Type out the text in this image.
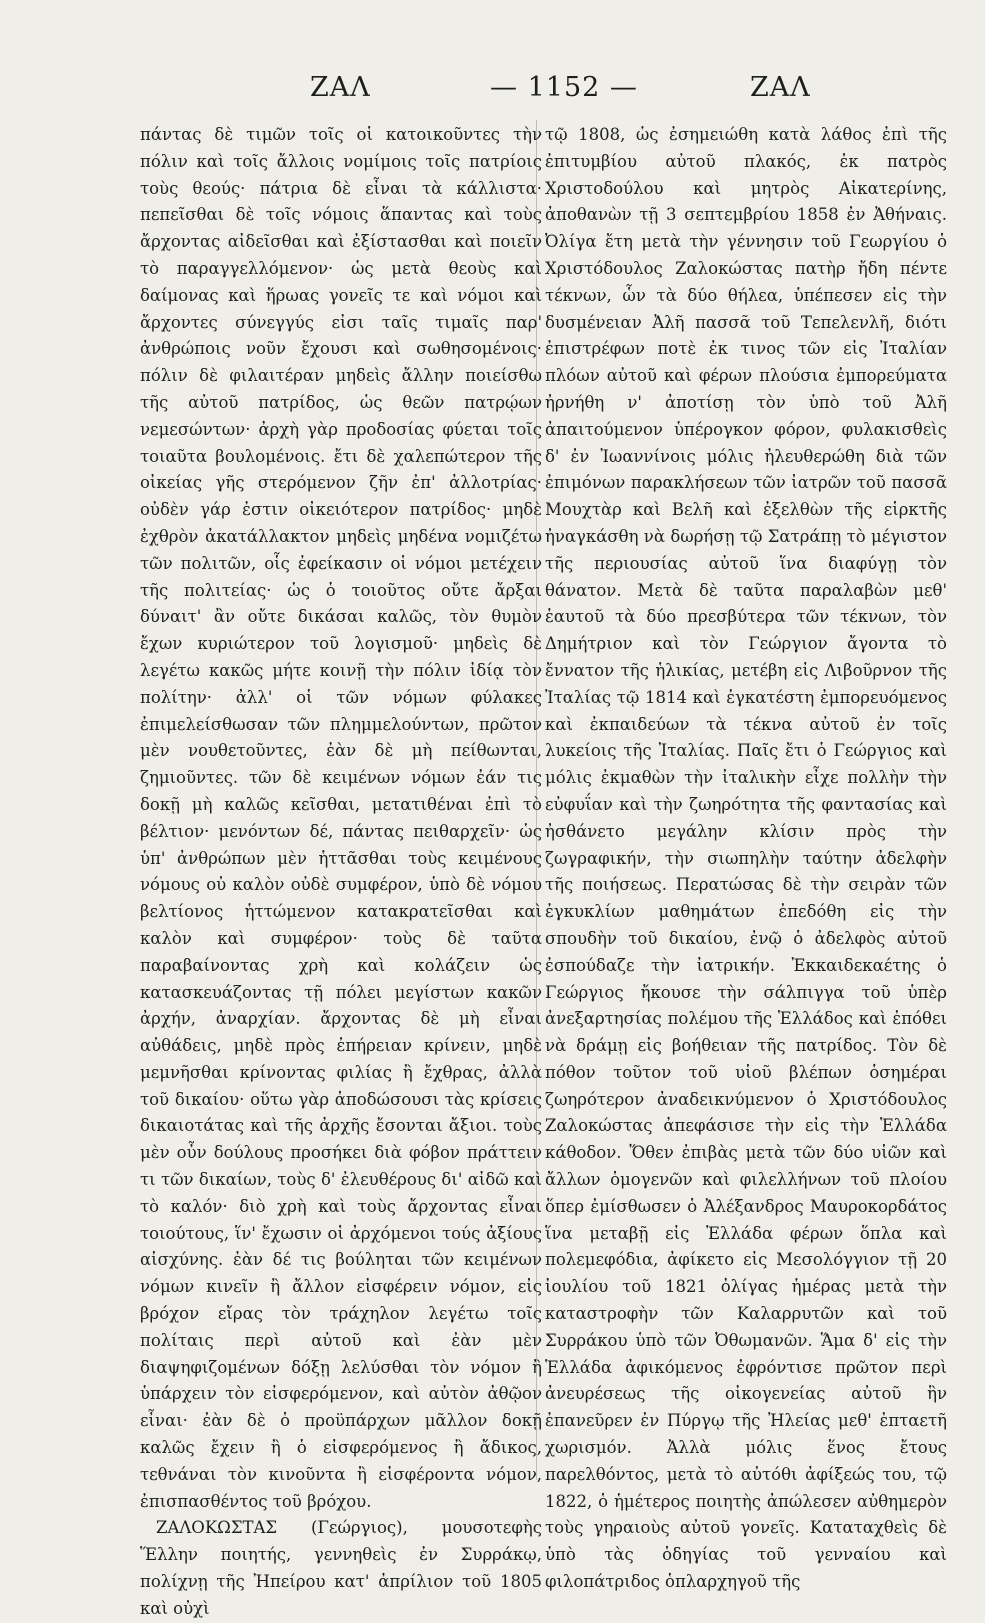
ΖΑΛ	— 1152 —	ΖΑΛ

πάντας δὲ τιμῶν τοῖς οἱ κατοικοῦντες τὴν πόλιν καὶ τοῖς ἄλλοις νομίμοις τοῖς πατρίοις τοὺς θεούς· πάτρια δὲ εἶναι τὰ κάλλιστα· πεπεῖσθαι δὲ τοῖς νόμοις ἅπαντας καὶ τοὺς ἄρχοντας αἰδεῖσθαι καὶ ἐξίστασθαι καὶ ποιεῖν τὸ παραγγελλόμενον· ὡς μετὰ θεοὺς καὶ δαίμονας καὶ ἥρωας γονεῖς τε καὶ νόμοι καὶ ἄρχοντες σύνεγγύς εἰσι ταῖς τιμαῖς παρ' ἀνθρώποις νοῦν ἔχουσι καὶ σωθησομένοις· πόλιν δὲ φιλαιτέραν μηδεὶς ἄλλην ποιείσθω τῆς αὐτοῦ πατρίδος, ὡς θεῶν πατρῴων νεμεσώντων· ἀρχὴ γὰρ προδοσίας φύεται τοῖς τοιαῦτα βουλομένοις. ἔτι δὲ χαλεπώτερον τῆς οἰκείας γῆς στερόμενον ζῆν ἐπ' ἀλλοτρίας· οὐδὲν γάρ ἐστιν οἰκειότερον πατρίδος· μηδὲ ἐχθρὸν ἀκατάλλακτον μηδεὶς μηδένα νομιζέτω τῶν πολιτῶν, οἷς ἐφείκασιν οἱ νόμοι μετέχειν τῆς πολιτείας· ὡς ὁ τοιοῦτος οὔτε ἄρξαι δύναιτ' ἂν οὔτε δικάσαι καλῶς, τὸν θυμὸν ἔχων κυριώτερον τοῦ λογισμοῦ· μηδεὶς δὲ λεγέτω κακῶς μήτε κοινῇ τὴν πόλιν ἰδίᾳ τὸν πολίτην· ἀλλ' οἱ τῶν νόμων φύλακες ἐπιμελείσθωσαν τῶν πλημμελούντων, πρῶτον μὲν νουθετοῦντες, ἐὰν δὲ μὴ πείθωνται, ζημιοῦντες. τῶν δὲ κειμένων νόμων ἐάν τις δοκῇ μὴ καλῶς κεῖσθαι, μετατιθέναι ἐπὶ τὸ βέλτιον· μενόντων δέ, πάντας πειθαρχεῖν· ὡς ὑπ' ἀνθρώπων μὲν ἡττᾶσθαι τοὺς κειμένους νόμους οὐ καλὸν οὐδὲ συμφέρον, ὑπὸ δὲ νόμου βελτίονος ἡττώμενον κατακρατεῖσθαι καὶ καλὸν καὶ συμφέρον· τοὺς δὲ ταῦτα παραβαίνοντας χρὴ καὶ κολάζειν ὡς κατασκευάζοντας τῇ πόλει μεγίστων κακῶν ἀρχήν, ἀναρχίαν. ἄρχοντας δὲ μὴ εἶναι αὐθάδεις, μηδὲ πρὸς ἐπήρειαν κρίνειν, μηδὲ μεμνῆσθαι κρίνοντας φιλίας ἢ ἔχθρας, ἀλλὰ τοῦ δικαίου· οὕτω γὰρ ἀποδώσουσι τὰς κρίσεις δικαιοτάτας καὶ τῆς ἀρχῆς ἔσονται ἄξιοι. τοὺς μὲν οὖν δούλους προσήκει διὰ φόβον πράττειν τι τῶν δικαίων, τοὺς δ' ἐλευθέρους δι' αἰδῶ καὶ τὸ καλόν· διὸ χρὴ καὶ τοὺς ἄρχοντας εἶναι τοιούτους, ἵν' ἔχωσιν οἱ ἀρχόμενοι τούς ἀξίους αἰσχύνης. ἐὰν δέ τις βούληται τῶν κειμένων νόμων κινεῖν ἢ ἄλλον εἰσφέρειν νόμον, εἰς βρόχον εἴρας τὸν τράχηλον λεγέτω τοῖς πολίταις περὶ αὐτοῦ καὶ ἐὰν μὲν διαψηφιζομένων δόξῃ λελύσθαι τὸν νόμον ἢ ὑπάρχειν τὸν εἰσφερόμενον, καὶ αὐτὸν ἀθῷον εἶναι· ἐὰν δὲ ὁ προϋπάρχων μᾶλλον δοκῇ καλῶς ἔχειν ἢ ὁ εἰσφερόμενος ἢ ἄδικος, τεθνάναι τὸν κινοῦντα ἢ εἰσφέροντα νόμον, ἐπισπασθέντος τοῦ βρόχου.

ΖΑΛΟΚΩΣΤΑΣ (Γεώργιος), μουσοτεφὴς Ἕλλην ποιητής, γεννηθεὶς ἐν Συρράκῳ, πολίχνῃ τῆς Ἠπείρου κατ' ἀπρίλιον τοῦ 1805 καὶ οὐχὶ

τῷ 1808, ὡς ἐσημειώθη κατὰ λάθος ἐπὶ τῆς ἐπιτυμβίου αὐτοῦ πλακός, ἐκ πατρὸς Χριστοδούλου καὶ μητρὸς Αἰκατερίνης, ἀποθανὼν τῇ 3 σεπτεμβρίου 1858 ἐν Ἀθήναις. Ὀλίγα ἔτη μετὰ τὴν γέννησιν τοῦ Γεωργίου ὁ Χριστόδουλος Ζαλοκώστας πατὴρ ἤδη πέντε τέκνων, ὧν τὰ δύο θήλεα, ὑπέπεσεν εἰς τὴν δυσμένειαν Ἀλῆ πασσᾶ τοῦ Τεπελενλῆ, διότι ἐπιστρέφων ποτὲ ἐκ τινος τῶν εἰς Ἰταλίαν πλόων αὐτοῦ καὶ φέρων πλούσια ἐμπορεύματα ἠρνήθη ν' ἀποτίσῃ τὸν ὑπὸ τοῦ Ἀλῆ ἀπαιτούμενον ὑπέρογκον φόρον, φυλακισθεὶς δ' ἐν Ἰωαννίνοις μόλις ἠλευθερώθη διὰ τῶν ἐπιμόνων παρακλήσεων τῶν ἰατρῶν τοῦ πασσᾶ Μουχτὰρ καὶ Βελῆ καὶ ἐξελθὼν τῆς εἱρκτῆς ἠναγκάσθη νὰ δωρήσῃ τῷ Σατράπῃ τὸ μέγιστον τῆς περιουσίας αὐτοῦ ἵνα διαφύγῃ τὸν θάνατον. Μετὰ δὲ ταῦτα παραλαβὼν μεθ' ἑαυτοῦ τὰ δύο πρεσβύτερα τῶν τέκνων, τὸν Δημήτριον καὶ τὸν Γεώργιον ἄγοντα τὸ ἔννατον τῆς ἡλικίας, μετέβη εἰς Λιβοῦρνον τῆς Ἰταλίας τῷ 1814 καὶ ἐγκατέστη ἐμπορευόμενος καὶ ἐκπαιδεύων τὰ τέκνα αὐτοῦ ἐν τοῖς λυκείοις τῆς Ἰταλίας. Παῖς ἔτι ὁ Γεώργιος καὶ μόλις ἐκμαθὼν τὴν ἰταλικὴν εἶχε πολλὴν τὴν εὐφυΐαν καὶ τὴν ζωηρότητα τῆς φαντασίας καὶ ἠσθάνετο μεγάλην κλίσιν πρὸς τὴν ζωγραφικήν, τὴν σιωπηλὴν ταύτην ἀδελφὴν τῆς ποιήσεως. Περατώσας δὲ τὴν σειρὰν τῶν ἐγκυκλίων μαθημάτων ἐπεδόθη εἰς τὴν σπουδὴν τοῦ δικαίου, ἐνῷ ὁ ἀδελφὸς αὐτοῦ ἐσπούδαζε τὴν ἰατρικήν. Ἐκκαιδεκαέτης ὁ Γεώργιος ἤκουσε τὴν σάλπιγγα τοῦ ὑπὲρ ἀνεξαρτησίας πολέμου τῆς Ἑλλάδος καὶ ἐπόθει νὰ δράμῃ εἰς βοήθειαν τῆς πατρίδος. Τὸν δὲ πόθον τοῦτον τοῦ υἱοῦ βλέπων ὁσημέραι ζωηρότερον ἀναδεικνύμενον ὁ Χριστόδουλος Ζαλοκώστας ἀπεφάσισε τὴν εἰς τὴν Ἑλλάδα κάθοδον. Ὅθεν ἐπιβὰς μετὰ τῶν δύο υἱῶν καὶ ἄλλων ὁμογενῶν καὶ φιλελλήνων τοῦ πλοίου ὅπερ ἐμίσθωσεν ὁ Ἀλέξανδρος Μαυροκορδάτος ἵνα μεταβῇ εἰς Ἑλλάδα φέρων ὅπλα καὶ πολεμεφόδια, ἀφίκετο εἰς Μεσολόγγιον τῇ 20 ἰουλίου τοῦ 1821 ὀλίγας ἡμέρας μετὰ τὴν καταστροφὴν τῶν Καλαρρυτῶν καὶ τοῦ Συρράκου ὑπὸ τῶν Ὀθωμανῶν. Ἅμα δ' εἰς τὴν Ἑλλάδα ἀφικόμενος ἐφρόντισε πρῶτον περὶ ἀνευρέσεως τῆς οἰκογενείας αὐτοῦ ἣν ἐπανεῦρεν ἐν Πύργῳ τῆς Ἠλείας μεθ' ἑπταετῆ χωρισμόν. Ἀλλὰ μόλις ἕνος ἔτους παρελθόντος, μετὰ τὸ αὐτόθι ἀφίξεώς του, τῷ 1822, ὁ ἡμέτερος ποιητὴς ἀπώλεσεν αὐθημερὸν τοὺς γηραιοὺς αὐτοῦ γονεῖς. Καταταχθεὶς δὲ ὑπὸ τὰς ὁδηγίας τοῦ γενναίου καὶ φιλοπάτριδος ὁπλαρχηγοῦ τῆς
